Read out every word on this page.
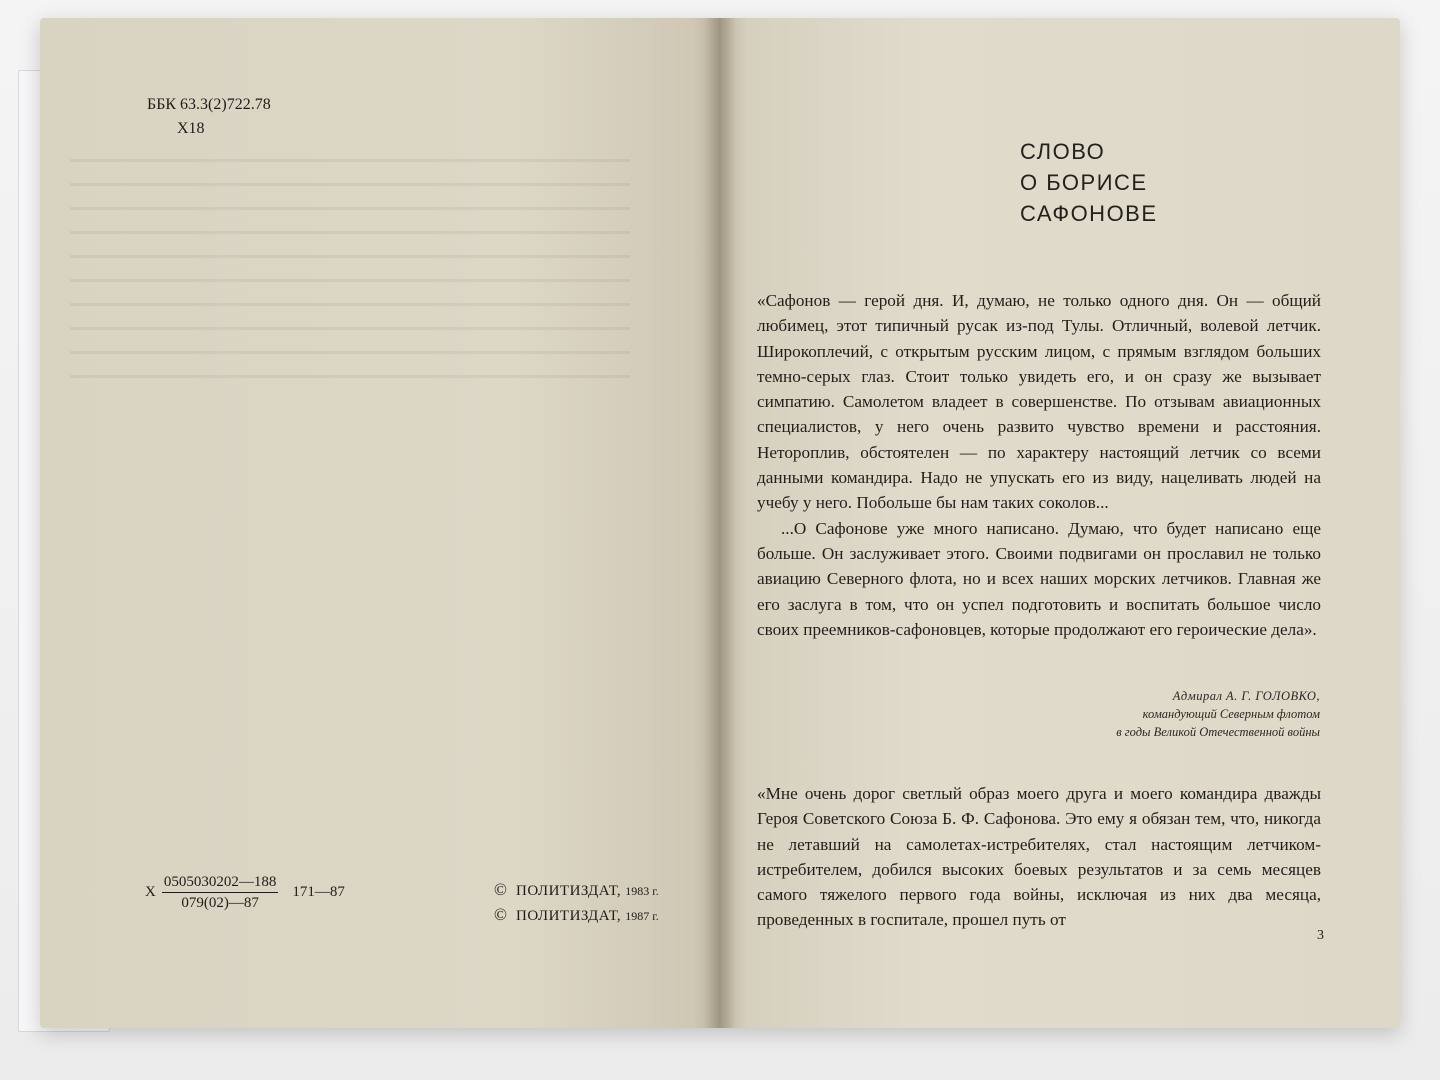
ББК 63.3(2)722.78
Х18
Х $\frac{0505030202—188}{079(02)—87}$ 171—87	© ПОЛИТИЗДАТ, 1983 г.
© ПОЛИТИЗДАТ, 1987 г.
СЛОВО
О БОРИСЕ
САФОНОВЕ

«Сафонов — герой дня. И, думаю, не только одного дня. Он — общий любимец, этот типичный русак из-под Тулы. Отличный, волевой летчик. Широкоплечий, с открытым русским лицом, с прямым взглядом больших темно-серых глаз. Стоит только увидеть его, и он сразу же вызывает симпатию. Самолетом владеет в совершенстве. По отзывам авиационных специалистов, у него очень развито чувство времени и расстояния. Нетороплив, обстоятелен — по характеру настоящий летчик со всеми данными командира. Надо не упускать его из виду, нацеливать людей на учебу у него. Побольше бы нам таких соколов...

...О Сафонове уже много написано. Думаю, что будет написано еще больше. Он заслуживает этого. Своими подвигами он прославил не только авиацию Северного флота, но и всех наших морских летчиков. Главная же его заслуга в том, что он успел подготовить и воспитать большое число своих преемников-сафоновцев, которые продолжают его героические дела».

Адмирал А. Г. ГОЛОВКО,
командующий Северным флотом
в годы Великой Отечественной войны

«Мне очень дорог светлый образ моего друга и моего командира дважды Героя Советского Союза Б. Ф. Сафонова. Это ему я обязан тем, что, никогда не летавший на самолетах-истребителях, стал настоящим летчиком-истребителем, добился высоких боевых результатов и за семь месяцев самого тяжелого первого года войны, исключая из них два месяца, проведенных в госпитале, прошел путь от

3
